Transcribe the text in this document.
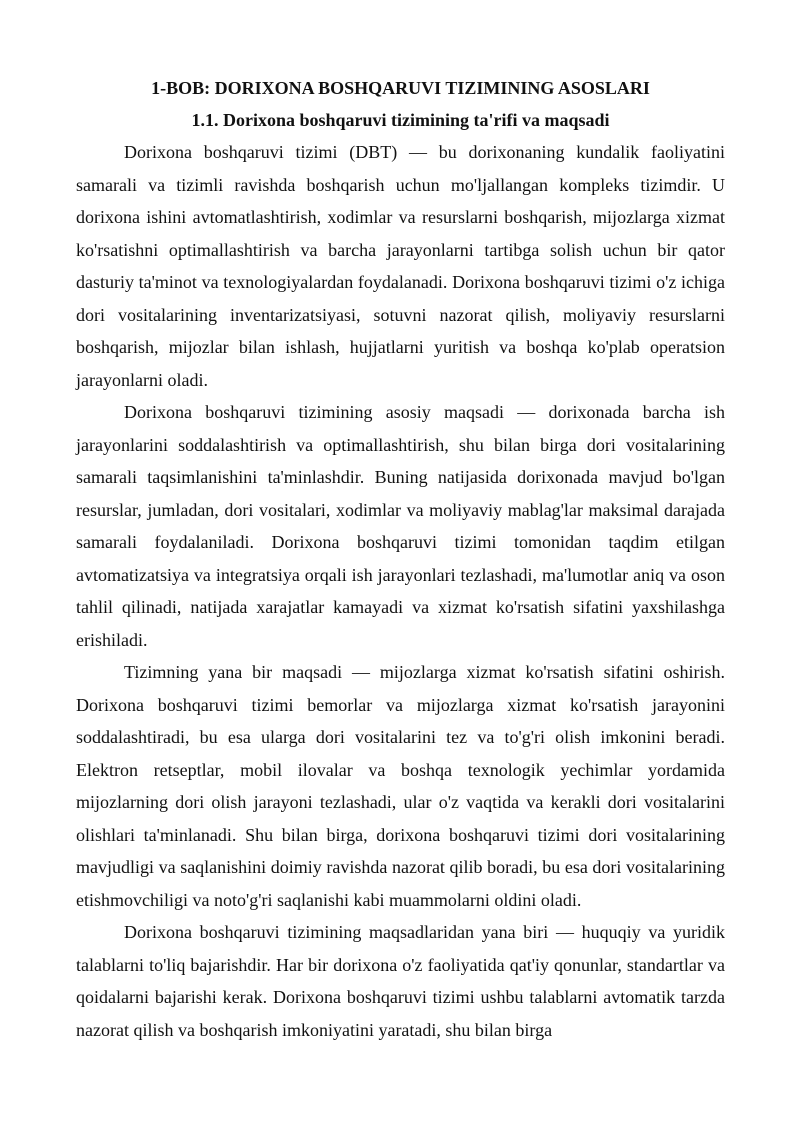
1-BOB: DORIXONA BOSHQARUVI TIZIMINING ASOSLARI
1.1. Dorixona boshqaruvi tizimining ta'rifi va maqsadi

Dorixona boshqaruvi tizimi (DBT) — bu dorixonaning kundalik faoliyatini samarali va tizimli ravishda boshqarish uchun mo'ljallangan kompleks tizimdir. U dorixona ishini avtomatlashtirish, xodimlar va resurslarni boshqarish, mijozlarga xizmat ko'rsatishni optimallashtirish va barcha jarayonlarni tartibga solish uchun bir qator dasturiy ta'minot va texnologiyalardan foydalanadi. Dorixona boshqaruvi tizimi o'z ichiga dori vositalarining inventarizatsiyasi, sotuvni nazorat qilish, moliyaviy resurslarni boshqarish, mijozlar bilan ishlash, hujjatlarni yuritish va boshqa ko'plab operatsion jarayonlarni oladi.

Dorixona boshqaruvi tizimining asosiy maqsadi — dorixonada barcha ish jarayonlarini soddalashtirish va optimallashtirish, shu bilan birga dori vositalarining samarali taqsimlanishini ta'minlashdir. Buning natijasida dorixonada mavjud bo'lgan resurslar, jumladan, dori vositalari, xodimlar va moliyaviy mablag'lar maksimal darajada samarali foydalaniladi. Dorixona boshqaruvi tizimi tomonidan taqdim etilgan avtomatizatsiya va integratsiya orqali ish jarayonlari tezlashadi, ma'lumotlar aniq va oson tahlil qilinadi, natijada xarajatlar kamayadi va xizmat ko'rsatish sifatini yaxshilashga erishiladi.

Tizimning yana bir maqsadi — mijozlarga xizmat ko'rsatish sifatini oshirish. Dorixona boshqaruvi tizimi bemorlar va mijozlarga xizmat ko'rsatish jarayonini soddalashtiradi, bu esa ularga dori vositalarini tez va to'g'ri olish imkonini beradi. Elektron retseptlar, mobil ilovalar va boshqa texnologik yechimlar yordamida mijozlarning dori olish jarayoni tezlashadi, ular o'z vaqtida va kerakli dori vositalarini olishlari ta'minlanadi. Shu bilan birga, dorixona boshqaruvi tizimi dori vositalarining mavjudligi va saqlanishini doimiy ravishda nazorat qilib boradi, bu esa dori vositalarining etishmovchiligi va noto'g'ri saqlanishi kabi muammolarni oldini oladi.

Dorixona boshqaruvi tizimining maqsadlaridan yana biri — huquqiy va yuridik talablarni to'liq bajarishdir. Har bir dorixona o'z faoliyatida qat'iy qonunlar, standartlar va qoidalarni bajarishi kerak. Dorixona boshqaruvi tizimi ushbu talablarni avtomatik tarzda nazorat qilish va boshqarish imkoniyatini yaratadi, shu bilan birga
